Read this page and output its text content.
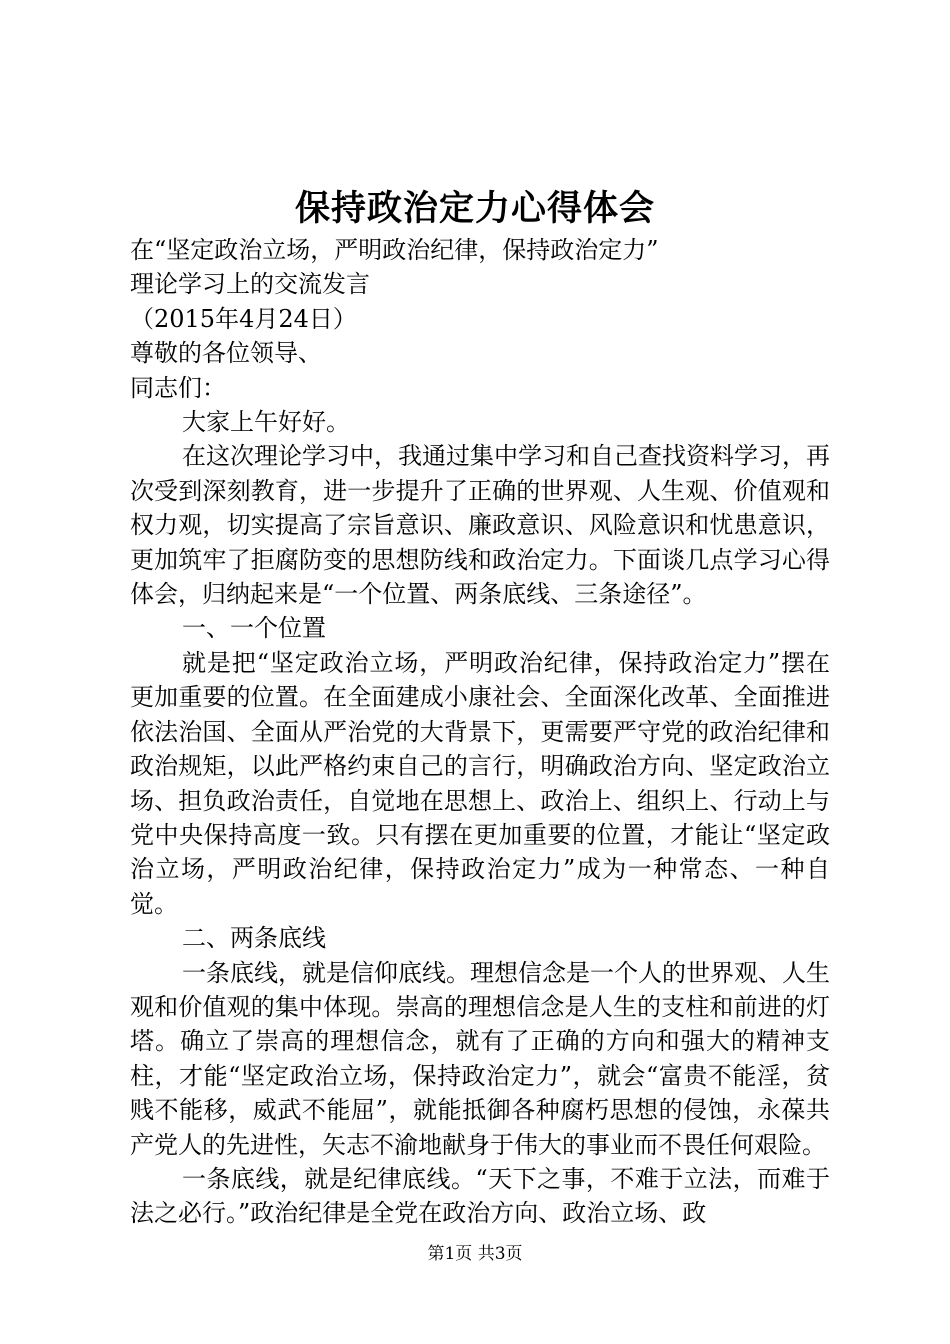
保持政治定力心得体会

在“坚定政治立场，严明政治纪律，保持政治定力”

理论学习上的交流发言

（2015年4月24日）

尊敬的各位领导、

同志们：

大家上午好好。

在这次理论学习中，我通过集中学习和自己查找资料学习，再次受到深刻教育，进一步提升了正确的世界观、人生观、价值观和权力观，切实提高了宗旨意识、廉政意识、风险意识和忧患意识，更加筑牢了拒腐防变的思想防线和政治定力。下面谈几点学习心得体会，归纳起来是“一个位置、两条底线、三条途径”。

一、一个位置

就是把“坚定政治立场，严明政治纪律，保持政治定力”摆在更加重要的位置。在全面建成小康社会、全面深化改革、全面推进依法治国、全面从严治党的大背景下，更需要严守党的政治纪律和政治规矩，以此严格约束自己的言行，明确政治方向、坚定政治立场、担负政治责任，自觉地在思想上、政治上、组织上、行动上与党中央保持高度一致。只有摆在更加重要的位置，才能让“坚定政治立场，严明政治纪律，保持政治定力”成为一种常态、一种自觉。

二、两条底线

一条底线，就是信仰底线。理想信念是一个人的世界观、人生观和价值观的集中体现。崇高的理想信念是人生的支柱和前进的灯塔。确立了崇高的理想信念，就有了正确的方向和强大的精神支柱，才能“坚定政治立场，保持政治定力”，就会“富贵不能淫，贫贱不能移，威武不能屈”，就能抵御各种腐朽思想的侵蚀，永葆共产党人的先进性，矢志不渝地献身于伟大的事业而不畏任何艰险。

一条底线，就是纪律底线。“天下之事，不难于立法，而难于法之必行。”政治纪律是全党在政治方向、政治立场、政

第1页 共3页
